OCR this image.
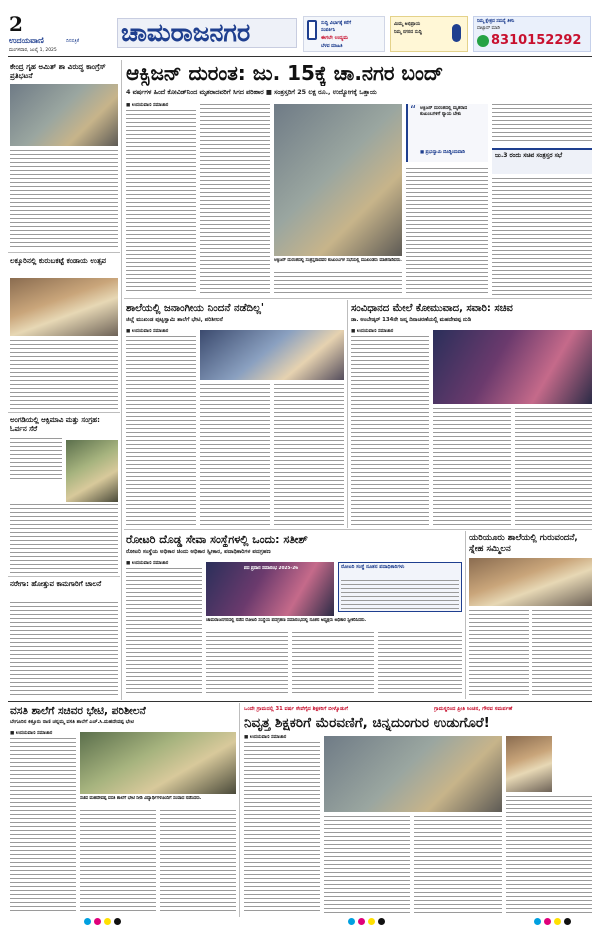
2
ಉದಯವಾಣಿ	ದಿನಪತ್ರಿಕೆ
ಮಂಗಳವಾರ, ಜುಲೈ 1, 2025
ಚಾಮರಾಜನಗರ	ಸುದ್ದಿ ವಿಭಾಗಕ್ಕೆ ಕರೆಗೆ
ಸಂಪರ್ಕಿಸಿ
ಈಗಲೇ ಉದ್ಯಮ
ಬೆಳವ ಮಾಹಿತಿ
ಮಿಮ್ಮ ಅಭಿಪ್ರಾಯ
ನಿಮ್ಮ ನಗರದ ಸುದ್ದಿ
ನಿಮ್ಮ ಕ್ಷೇತ್ರದ ಸಮಸ್ಯೆ ತಿಳಿಸಿ
ವಾಟ್ಸಾಪ್ ಮಾಡಿ
8310152292
ಕೇಂದ್ರ ಗೃಹ ಅಮಿತ್ ಶಾ ವಿರುದ್ಧ ಕಾಂಗ್ರೆಸ್ ಪ್ರತಿಭಟನೆ
ಲಕ್ಕೂರಿನಲ್ಲಿ ಕುರುಬಕಟ್ಟೆ ಕಂಡಾಯ ಉತ್ಸವ
ಅಂಗಡಿಯಲ್ಲಿ ಆಕ್ಸಿಮಾವಿ ಮತ್ತು ಸಂಗ್ರಹ: ಓರ್ವನ ಸೆರೆ
ನರೇಗಾ: ಹೋತ್ತುವ ಕಾಮಗಾರಿಗೆ ಚಾಲನೆ
ಆಕ್ಸಿಜನ್ ದುರಂತ: ಜು. 15ಕ್ಕೆ ಚಾ.ನಗರ ಬಂದ್
4 ವರ್ಷಗಳ ಹಿಂದೆ ಕೋವಿಡ್‌ನಿಂದ ಮೃತರಾದವರಿಗೆ ಸಿಗದ ಪರಿಹಾರ ■ ಸಂತ್ರಸ್ತರಿಗೆ 25 ಲಕ್ಷ ರೂ., ಉದ್ಯೋಗಕ್ಕೆ ಒತ್ತಾಯ
■ ಉದಯವಾಣಿ ಸಮಾಚಾರ
ಆಕ್ಸಿಜನ್ ದುರಂತದಲ್ಲಿ ಸಂತ್ರಸ್ತರಾದವರ ಕುಟುಂಬಗಳ ಸಭೆಯಲ್ಲಿ ಮುಖಂಡರು ಮಾತನಾಡಿದರು.
“ ಆಕ್ಸಿಜನ್ ದುರಂತದಲ್ಲಿ ಮೃತರಾದ ಕುಟುಂಬಗಳಿಗೆ ನ್ಯಾಯ ಬೇಕು
■ ಪ್ರಭುಸ್ವಾಮಿ ದೊಡ್ಡಿಂದುವಾಡಿ	ಜು.3 ರಂದು ಸಚಿವ ಸಂತ್ರಸ್ತರ ಸಭೆ
ಶಾಲೆಯಲ್ಲಿ ಜನಾಂಗೀಯ ನಿಂದನೆ ನಡೆದಿಲ್ಲ'
ಜಿಲ್ಲೆ ಮುಖಂಡ ಪುಟ್ಟಸ್ವಾಮಿ ಶಾಲೆಗೆ ಭೇಟಿ, ಪರಿಶೀಲನೆ
■ ಉದಯವಾಣಿ ಸಮಾಚಾರ
ಸಂವಿಧಾನದ ಮೇಲೆ ಕೋಮುವಾದ, ಸವಾರಿ: ಸಚಿವ
ಡಾ. ಅಂಬೇಡ್ಕರ್ 134ನೇ ಜನ್ಮ ದಿನಾಚರಣೆಯಲ್ಲಿ ಮಹದೇವಪ್ಪ ನುಡಿ
■ ಉದಯವಾಣಿ ಸಮಾಚಾರ
ರೋಟರಿ ದೊಡ್ಡ ಸೇವಾ ಸಂಸ್ಥೆಗಳಲ್ಲಿ ಒಂದು: ಸತೀಶ್
ರೋಟರಿ ಸಂಸ್ಥೆಯ ಅಧಿಕಾರ ಚಿಂದು ಅಧಿಕಾರ ಸ್ವೀಕಾರ, ಪದಾಧಿಕಾರಿಗಳ ಪದಗ್ರಹಣ
■ ಉದಯವಾಣಿ ಸಮಾಚಾರ
ಪದ ಪ್ರದಾನ ಸಮಾರಂಭ 2025-26
ಚಾಮರಾಜನಗರದಲ್ಲಿ ನಡೆದ ರೋಟರಿ ಸಂಸ್ಥೆಯ ಪದಗ್ರಹಣ ಸಮಾರಂಭದಲ್ಲಿ ನೂತನ ಅಧ್ಯಕ್ಷರು ಅಧಿಕಾರ ಸ್ವೀಕರಿಸಿದರು.
ರೋಟರಿ ಸಂಸ್ಥೆ ನೂತನ ಪದಾಧಿಕಾರಿಗಳು
ಯರಿಯೂರು ಶಾಲೆಯಲ್ಲಿ ಗುರುವಂದನೆ, ಸ್ನೇಹ ಸಮ್ಮಿಲನ
ವಸತಿ ಶಾಲೆಗೆ ಸಚಿವರ ಭೇಟಿ, ಪರಿಶೀಲನೆ
ಬೇಗೂರಿನ ಕಿತ್ತೂರು ರಾಣಿ ಚನ್ನಮ್ಮ ವಸತಿ ಶಾಲೆಗೆ ಎಚ್.ಸಿ.ಮಹದೇವಪ್ಪ ಭೇಟಿ
■ ಉದಯವಾಣಿ ಸಮಾಚಾರ
ಸಚಿವ ಮಹದೇವಪ್ಪ ವಸತಿ ಶಾಲೆಗೆ ಭೇಟಿ ನೀಡಿ ವಿದ್ಯಾರ್ಥಿಗಳೊಂದಿಗೆ ಸಂವಾದ ನಡೆಸಿದರು.
ಒಂದೇ ಗ್ರಾಮದಲ್ಲಿ 31 ವರ್ಷ ಸೇವೆಗೈದ ಶಿಕ್ಷಕರಿಗೆ ಬೀಳ್ಕೊಡುಗೆ	ಗ್ರಾಮಸ್ಥರಿಂದ ಪ್ರೀತಿ ಸಿಂಚನ, ಗೌರವ ಸಮರ್ಪಣೆ
ನಿವೃತ್ತ ಶಿಕ್ಷಕರಿಗೆ ಮೆರವಣಿಗೆ, ಚಿನ್ನದುಂಗುರ ಉಡುಗೊರೆ!
■ ಉದಯವಾಣಿ ಸಮಾಚಾರ
